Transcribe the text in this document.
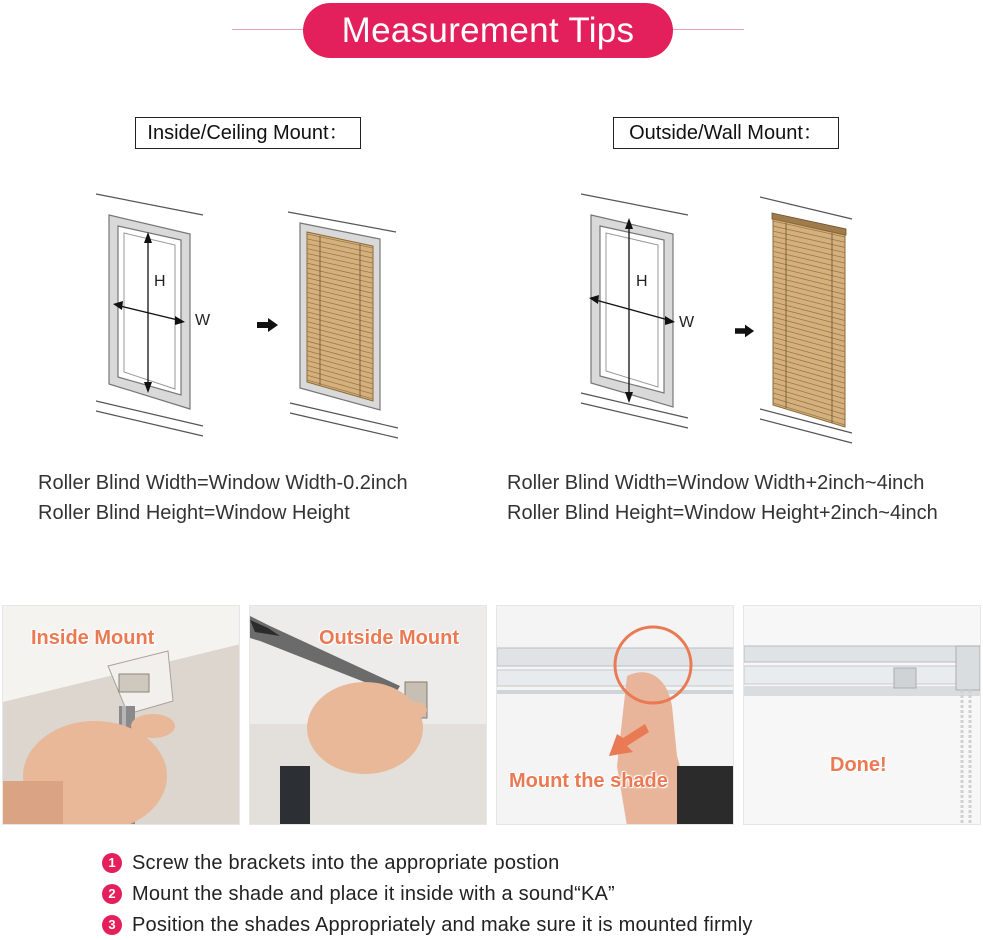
Measurement Tips
Inside/Ceiling Mount：	Outside/Wall Mount：
H
W
H
W
Roller Blind Width=Window Width-0.2inch
Roller Blind Height=Window Height
Roller Blind Width=Window Width+2inch~4inch
Roller Blind Height=Window Height+2inch~4inch
Inside Mount	Outside Mount
Mount the shade
Done!
1 Screw the brackets into the appropriate postion
2 Mount the shade and place it inside with a sound“KA”
3 Position the shades Appropriately and make sure it is mounted firmly
